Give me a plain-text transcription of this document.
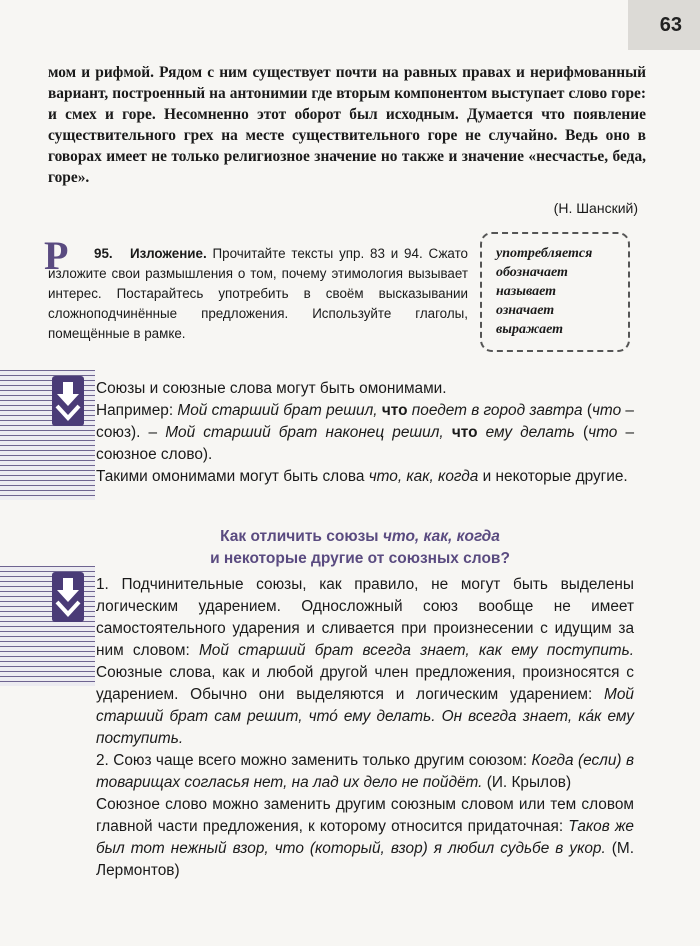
63

мом и рифмой. Рядом с ним существует почти на равных правах и нерифмованный вариант, построенный на антонимии где вторым компонентом выступает слово горе: и смех и горе. Несомненно этот оборот был исходным. Думается что появление существительного грех на месте существительного горе не случайно. Ведь оно в говорах имеет не только религиозное значение но также и значение «несчастье, беда, горе».

(Н. Шанский)
Р	95. Изложение. Прочитайте тексты упр. 83 и 94. Сжато изложите свои размышления о том, почему этимология вызывает интерес. Постарайтесь употребить в своём высказывании сложноподчинённые предложения. Используйте глаголы, помещённые в рамке.
употребляется
обозначает
называет
означает
выражает

Союзы и союзные слова могут быть омонимами.

Например: Мой старший брат решил, что поедет в город завтра (что – союз). – Мой старший брат наконец решил, что ему делать (что – союзное слово).

Такими омонимами могут быть слова что, как, когда и некоторые другие.

Как отличить союзы что, как, когда
и некоторые другие от союзных слов?

1. Подчинительные союзы, как правило, не могут быть выделены логическим ударением. Односложный союз вообще не имеет самостоятельного ударения и сливается при произнесении с идущим за ним словом: Мой старший брат всегда знает, как ему поступить. Союзные слова, как и любой другой член предложения, произносятся с ударением. Обычно они выделяются и логическим ударением: Мой старший брат сам решит, что́ ему делать. Он всегда знает, ка́к ему поступить.

2. Союз чаще всего можно заменить только другим союзом: Когда (если) в товарищах согласья нет, на лад их дело не пойдёт. (И. Крылов)

Союзное слово можно заменить другим союзным словом или тем словом главной части предложения, к которому относится придаточная: Таков же был тот нежный взор, что (который, взор) я любил судьбе в укор. (М. Лермонтов)
